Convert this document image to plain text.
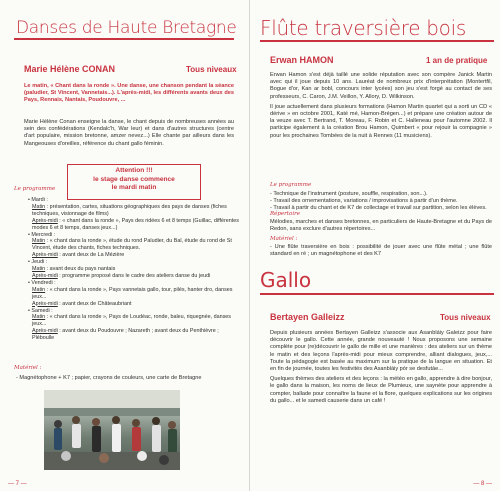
Danses de Haute Bretagne
Marie Hélène CONAN	Tous niveaux
Le matin, « Chant dans la ronde ». Une danse, une chanson pendant la séance (paludier, St Vincent, Vannetais...). L'après-midi, les différents avants deux des Pays, Rennais, Nantais, Poudouvre, ...
Marie Hélène Conan enseigne la danse, le chant depuis de nombreuses années au sein des confédérations (Kendalc'h, War leur) et dans d'autres structures (centre d'art populaire, mission bretonne, amzer nevez...) Elle chante par ailleurs dans les Mangeouses d'oreilles, référence du chant gallo féminin.
Attention !!!
le stage danse commence
le mardi matin
Le programme
• Mardi :
Matin : présentation, cartes, situations géographiques des pays de danses (fiches techniques, visionnage de films)
Après-midi : « chant dans la ronde », Pays des ridées 6 et 8 temps (Guillac, différentes modes 6 et 8 temps, danses jeux...)
• Mercredi :
Matin : « chant dans la ronde », étude du rond Paludier, du Bal, étude du rond de St Vincent, étude des chants, fiches techniques.
Après-midi : avant deux de La Mézière
• Jeudi :
Matin : avant deux du pays nantais
Après-midi : programme proposé dans le cadre des ateliers danse du jeudi
• Vendredi :
Matin : « chant dans la ronde », Pays vannetais gallo, tour, pilés, hanter dro, danses jeux...
Après-midi : avant deux de Châteaubriant
• Samedi :
Matin : « chant dans la ronde », Pays de Loudéac, ronde, baleu, riquegnée, danses jeux...
Après-midi : avant deux du Poudouvre ; Nazareth ; avant deux du Penthièvre ; Pléboulle
Matériel :
- Magnétophone + K7 ; papier, crayons de couleurs, une carte de Bretagne
— 7 —
Flûte traversière bois
Erwan HAMON	1 an de pratique

Erwan Hamon s'est déjà taillé une solide réputation avec son compère Janick Martin avec qui il joue depuis 10 ans. Lauréat de nombreux prix d'interprétation (Montertfil, Bogue d'or, Kan ar bobl, concours inter lycées) son jeu s'est forgé au contact de ses professeurs, C. Caron, J.M. Veillon, Y. Allory, D. Wilkinson.

Il joue actuellement dans plusieurs formations (Hamon Martin quartet qui a sorti un CD « dérive » en octobre 2001, Katé mé, Hamon-Brégen...) et prépare une création autour de la veuze avec T. Bertrand, T. Moreau, F. Robin et C. Halleneau pour l'automne 2002. Il participe également à la création Brou Hamon, Quimbert « pour rejouir la compagnie » pour les prochaines Tombées de la nuit à Rennes (11 musiciens).

Le programme
- Technique de l'instrument (posture, souffle, respiration, son...).
- Travail des ornementations, variations / improvisations à partir d'un thème.
- Travail à partir du chant et de K7 de collectage et travail sur partition, selon les élèves.
Répertoire
Mélodies, marches et danses bretonnes, en particuliers de Haute-Bretagne et du Pays de Redon, sans exclure d'autres répertoires...
Matériel :
- Une flûte traversière en bois : possibilité de jouer avec une flûte métal ; une flûte standard en ré ; un magnétophone et des K7
Gallo
Bertayen Galleizz	Tous niveaux

Depuis plusieurs années Bertayen Galleizz s'associe aux Asanbláiy Galeizz pour faire découvrir le gallo. Cette année, grande nouveauté ! Nous proposons une semaine complète pour (re)découvrir le gallo de mille et une manières : des ateliers sur un thème le matin et des leçons l'après-midi pour mieux comprendre, alliant dialogues, jeux,... Toute la pédagogie est basée au maximum sur la pratique de la langue en situation. Et en fin de journée, toutes les festivités des Asanbláiy pór se desfutáe...

Quelques thèmes des ateliers et des leçons : la météo en gallo, apprendre à dire bonjour, le gallo dans la maison, les noms de lieux de Plumieux, une saynète pour apprendre à compter, ballade pour connaître la faune et la flore, quelques explications sur les origines du gallo... et le samedi causerie dans un café !

— 8 —
